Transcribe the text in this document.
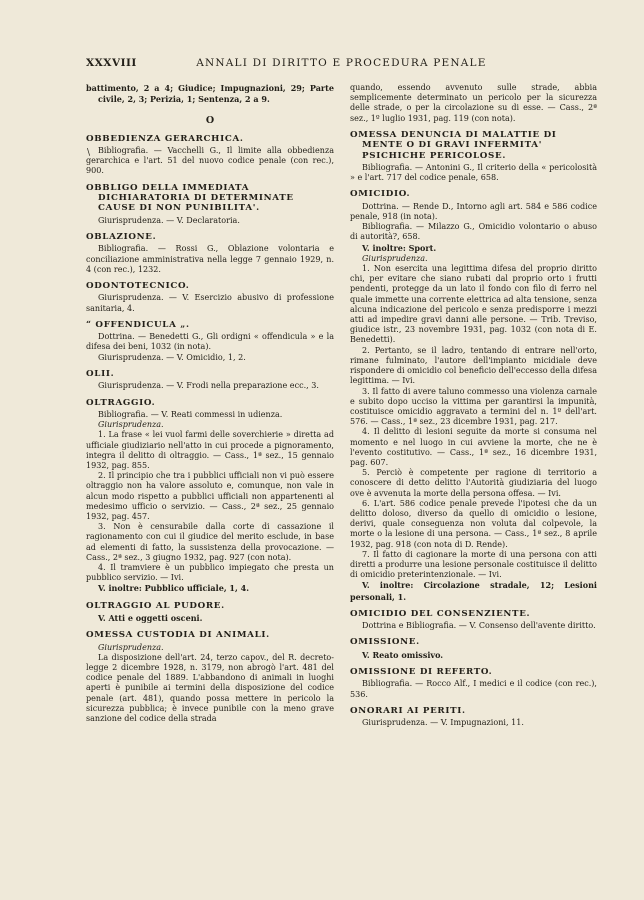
XXXVIII	ANNALI DI DIRITTO E PROCEDURA PENALE
\

battimento, 2 a 4; Giudice; Impugnazioni, 29; Parte civile, 2, 3; Perizia, 1; Sentenza, 2 a 9.

O
OBBEDIENZA GERARCHICA.

Bibliografia. — Vacchelli G., Il limite alla obbedienza gerarchica e l'art. 51 del nuovo codice penale (con rec.), 900.

OBBLIGO DELLA IMMEDIATA DICHIARATORIA DI DETERMINATE CAUSE DI NON PUNIBILITA'.

Giurisprudenza. — V. Declaratoria.

OBLAZIONE.

Bibliografia. — Rossi G., Oblazione volontaria e conciliazione amministrativa nella legge 7 gennaio 1929, n. 4 (con rec.), 1232.

ODONTOTECNICO.

Giurisprudenza. — V. Esercizio abusivo di professione sanitaria, 4.

“ OFFENDICULA „.

Dottrina. — Benedetti G., Gli ordigni « offendicula » e la difesa dei beni, 1032 (in nota).

Giurisprudenza. — V. Omicidio, 1, 2.

OLII.

Giurisprudenza. — V. Frodi nella preparazione ecc., 3.

OLTRAGGIO.

Bibliografia. — V. Reati commessi in udienza.

Giurisprudenza.

1. La frase « lei vuol farmi delle soverchierie » diretta ad ufficiale giudiziario nell'atto in cui procede a pignoramento, integra il delitto di oltraggio. — Cass., 1ª sez., 15 gennaio 1932, pag. 855.

2. Il principio che tra i pubblici ufficiali non vi può essere oltraggio non ha valore assoluto e, comunque, non vale in alcun modo rispetto a pubblici ufficiali non appartenenti al medesimo ufficio o servizio. — Cass., 2ª sez., 25 gennaio 1932, pag. 457.

3. Non è censurabile dalla corte di cassazione il ragionamento con cui il giudice del merito esclude, in base ad elementi di fatto, la sussistenza della provocazione. — Cass., 2ª sez., 3 giugno 1932, pag. 927 (con nota).

4. Il tramviere è un pubblico impiegato che presta un pubblico servizio. — Ivi.

V. inoltre: Pubblico ufficiale, 1, 4.

OLTRAGGIO AL PUDORE.

V. Atti e oggetti osceni.

OMESSA CUSTODIA DI ANIMALI.

Giurisprudenza.

La disposizione dell'art. 24, terzo capov., del R. decreto-legge 2 dicembre 1928, n. 3179, non abrogò l'art. 481 del codice penale del 1889. L'abbandono di animali in luoghi aperti è punibile ai termini della disposizione del codice penale (art. 481), quando possa mettere in pericolo la sicurezza pubblica; è invece punibile con la meno grave sanzione del codice della strada

quando, essendo avvenuto sulle strade, abbia semplicemente determinato un pericolo per la sicurezza delle strade, o per la circolazione su di esse. — Cass., 2ª sez., 1º luglio 1931, pag. 119 (con nota).

OMESSA DENUNCIA DI MALATTIE DI MENTE O DI GRAVI INFERMITA' PSICHICHE PERICOLOSE.

Bibliografia. — Antonini G., Il criterio della « pericolosità » e l'art. 717 del codice penale, 658.

OMICIDIO.

Dottrina. — Rende D., Intorno agli art. 584 e 586 codice penale, 918 (in nota).

Bibliografia. — Milazzo G., Omicidio volontario o abuso di autorità?, 658.

V. inoltre: Sport.

Giurisprudenza.

1. Non esercita una legittima difesa del proprio diritto chi, per evitare che siano rubati dal proprio orto i frutti pendenti, protegge da un lato il fondo con filo di ferro nel quale immette una corrente elettrica ad alta tensione, senza alcuna indicazione del pericolo e senza predisporre i mezzi atti ad impedire gravi danni alle persone. — Trib. Treviso, giudice istr., 23 novembre 1931, pag. 1032 (con nota di E. Benedetti).

2. Pertanto, se il ladro, tentando di entrare nell'orto, rimane fulminato, l'autore dell'impianto micidiale deve rispondere di omicidio col beneficio dell'eccesso della difesa legittima. — Ivi.

3. Il fatto di avere taluno commesso una violenza carnale e subito dopo ucciso la vittima per garantirsi la impunità, costituisce omicidio aggravato a termini del n. 1º dell'art. 576. — Cass., 1ª sez., 23 dicembre 1931, pag. 217.

4. Il delitto di lesioni seguite da morte si consuma nel momento e nel luogo in cui avviene la morte, che ne è l'evento costitutivo. — Cass., 1ª sez., 16 dicembre 1931, pag. 607.

5. Perciò è competente per ragione di territorio a conoscere di detto delitto l'Autorità giudiziaria del luogo ove è avvenuta la morte della persona offesa. — Ivi.

6. L'art. 586 codice penale prevede l'ipotesi che da un delitto doloso, diverso da quello di omicidio o lesione, derivi, quale conseguenza non voluta dal colpevole, la morte o la lesione di una persona. — Cass., 1ª sez., 8 aprile 1932, pag. 918 (con nota di D. Rende).

7. Il fatto di cagionare la morte di una persona con atti diretti a produrre una lesione personale costituisce il delitto di omicidio preterintenzionale. — Ivi.

V. inoltre: Circolazione stradale, 12; Lesioni personali, 1.

OMICIDIO DEL CONSENZIENTE.

Dottrina e Bibliografia. — V. Consenso dell'avente diritto.

OMISSIONE.

V. Reato omissivo.

OMISSIONE DI REFERTO.

Bibliografia. — Rocco Alf., I medici e il codice (con rec.), 536.

ONORARI AI PERITI.

Giurisprudenza. — V. Impugnazioni, 11.
